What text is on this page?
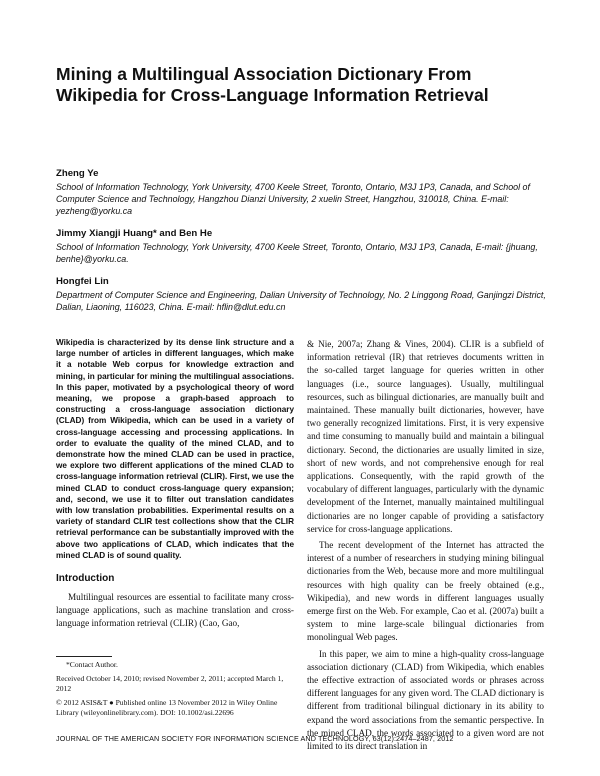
Mining a Multilingual Association Dictionary From Wikipedia for Cross-Language Information Retrieval

Zheng Ye

School of Information Technology, York University, 4700 Keele Street, Toronto, Ontario, M3J 1P3, Canada, and School of Computer Science and Technology, Hangzhou Dianzi University, 2 xuelin Street, Hangzhou, 310018, China. E-mail: yezheng@yorku.ca

Jimmy Xiangji Huang* and Ben He

School of Information Technology, York University, 4700 Keele Street, Toronto, Ontario, M3J 1P3, Canada, E-mail: {jhuang, benhe}@yorku.ca.

Hongfei Lin

Department of Computer Science and Engineering, Dalian University of Technology, No. 2 Linggong Road, Ganjingzi District, Dalian, Liaoning, 116023, China. E-mail: hflin@dlut.edu.cn

Wikipedia is characterized by its dense link structure and a large number of articles in different languages, which make it a notable Web corpus for knowledge extraction and mining, in particular for mining the multilingual associations. In this paper, motivated by a psychological theory of word meaning, we propose a graph-based approach to constructing a cross-language association dictionary (CLAD) from Wikipedia, which can be used in a variety of cross-language accessing and processing applications. In order to evaluate the quality of the mined CLAD, and to demonstrate how the mined CLAD can be used in practice, we explore two different applications of the mined CLAD to cross-language information retrieval (CLIR). First, we use the mined CLAD to conduct cross-language query expansion; and, second, we use it to filter out translation candidates with low translation probabilities. Experimental results on a variety of standard CLIR test collections show that the CLIR retrieval performance can be substantially improved with the above two applications of CLAD, which indicates that the mined CLAD is of sound quality.

Introduction

Multilingual resources are essential to facilitate many cross-language applications, such as machine translation and cross-language information retrieval (CLIR) (Cao, Gao,

& Nie, 2007a; Zhang & Vines, 2004). CLIR is a subfield of information retrieval (IR) that retrieves documents written in the so-called target language for queries written in other languages (i.e., source languages). Usually, multilingual resources, such as bilingual dictionaries, are manually built and maintained. These manually built dictionaries, however, have two generally recognized limitations. First, it is very expensive and time consuming to manually build and maintain a bilingual dictionary. Second, the dictionaries are usually limited in size, short of new words, and not comprehensive enough for real applications. Consequently, with the rapid growth of the vocabulary of different languages, particularly with the dynamic development of the Internet, manually maintained multilingual dictionaries are no longer capable of providing a satisfactory service for cross-language applications.

The recent development of the Internet has attracted the interest of a number of researchers in studying mining bilingual dictionaries from the Web, because more and more multilingual resources with high quality can be freely obtained (e.g., Wikipedia), and new words in different languages usually emerge first on the Web. For example, Cao et al. (2007a) built a system to mine large-scale bilingual dictionaries from monolingual Web pages.

In this paper, we aim to mine a high-quality cross-language association dictionary (CLAD) from Wikipedia, which enables the effective extraction of associated words or phrases across different languages for any given word. The CLAD dictionary is different from traditional bilingual dictionary in its ability to expand the word associations from the semantic perspective. In the mined CLAD, the words associated to a given word are not limited to its direct translation in

*Contact Author.

Received October 14, 2010; revised November 2, 2011; accepted March 1, 2012

© 2012 ASIS&T ● Published online 13 November 2012 in Wiley Online Library (wileyonlinelibrary.com). DOI: 10.1002/asi.22696

JOURNAL OF THE AMERICAN SOCIETY FOR INFORMATION SCIENCE AND TECHNOLOGY, 63(12):2474–2487, 2012
